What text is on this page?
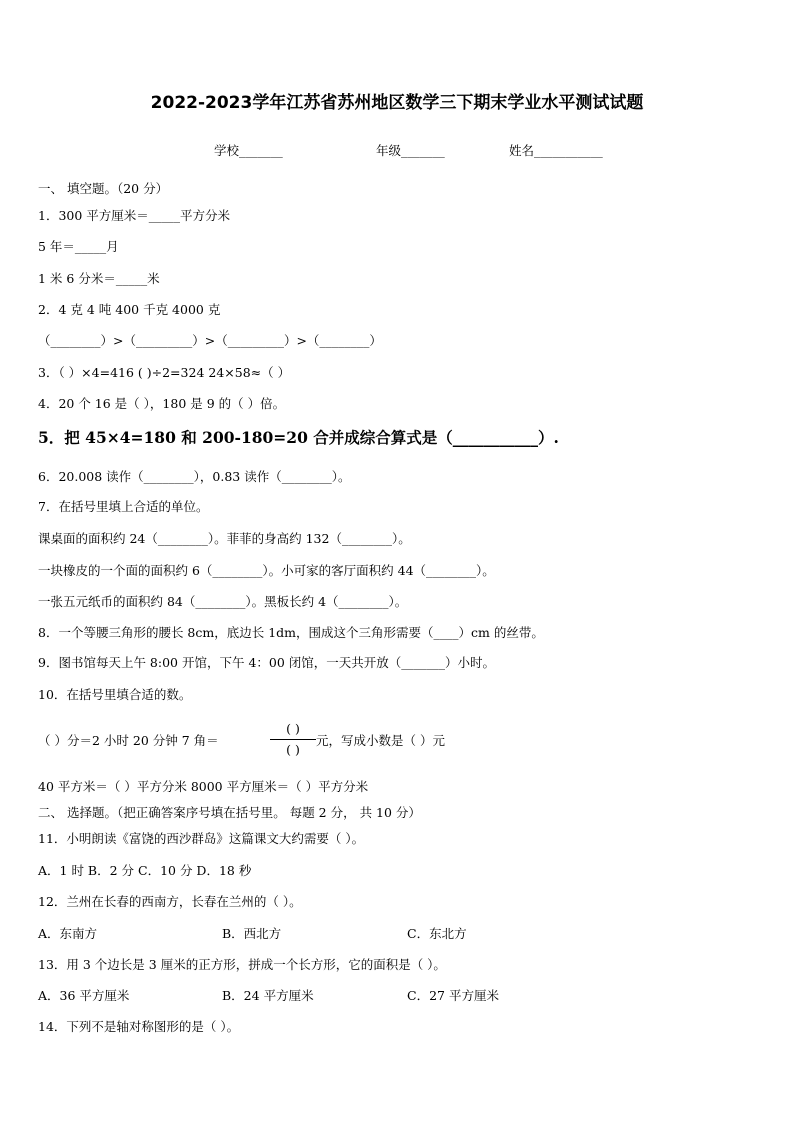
2022-2023学年江苏省苏州地区数学三下期末学业水平测试试题
学校_______	年级_______	姓名___________
一、 填空题。（20 分）
1．300 平方厘米＝_____平方分米
5 年＝_____月
1 米 6 分米＝_____米
2．4 克 4 吨 400 千克 4000 克
（________）>（_________）>（_________）>（________）
3．（ ）×4=416 ( )÷2=324 24×58≈（ ）
4．20 个 16 是（ ），180 是 9 的（ ）倍。
5．把 45×4=180 和 200-180=20 合并成综合算式是（___________）.
6．20.008 读作（________），0.83 读作（________）。
7．在括号里填上合适的单位。
课桌面的面积约 24（________）。菲菲的身高约 132（________）。
一块橡皮的一个面的面积约 6（________）。小可家的客厅面积约 44（________）。
一张五元纸币的面积约 84（________）。黑板长约 4（________）。
8．一个等腰三角形的腰长 8cm，底边长 1dm，围成这个三角形需要（____）cm 的丝带。
9．图书馆每天上午 8:00 开馆，下午 4：00 闭馆，一天共开放（_______）小时。
10．在括号里填合适的数。
（ ）分＝2 小时 20 分钟 7 角＝
( )
( )
元，写成小数是（ ）元
40 平方米＝（ ）平方分米 8000 平方厘米＝（ ）平方分米
二、 选择题。（把正确答案序号填在括号里。 每题 2 分， 共 10 分）
11．小明朗读《富饶的西沙群岛》这篇课文大约需要（ ）。
A．1 时 B．2 分 C．10 分 D．18 秒
12．兰州在长春的西南方，长春在兰州的（ ）。
A．东南方	B．西北方	C．东北方
13．用 3 个边长是 3 厘米的正方形，拼成一个长方形，它的面积是（ ）。
A．36 平方厘米	B．24 平方厘米	C．27 平方厘米
14．下列不是轴对称图形的是（ ）。
